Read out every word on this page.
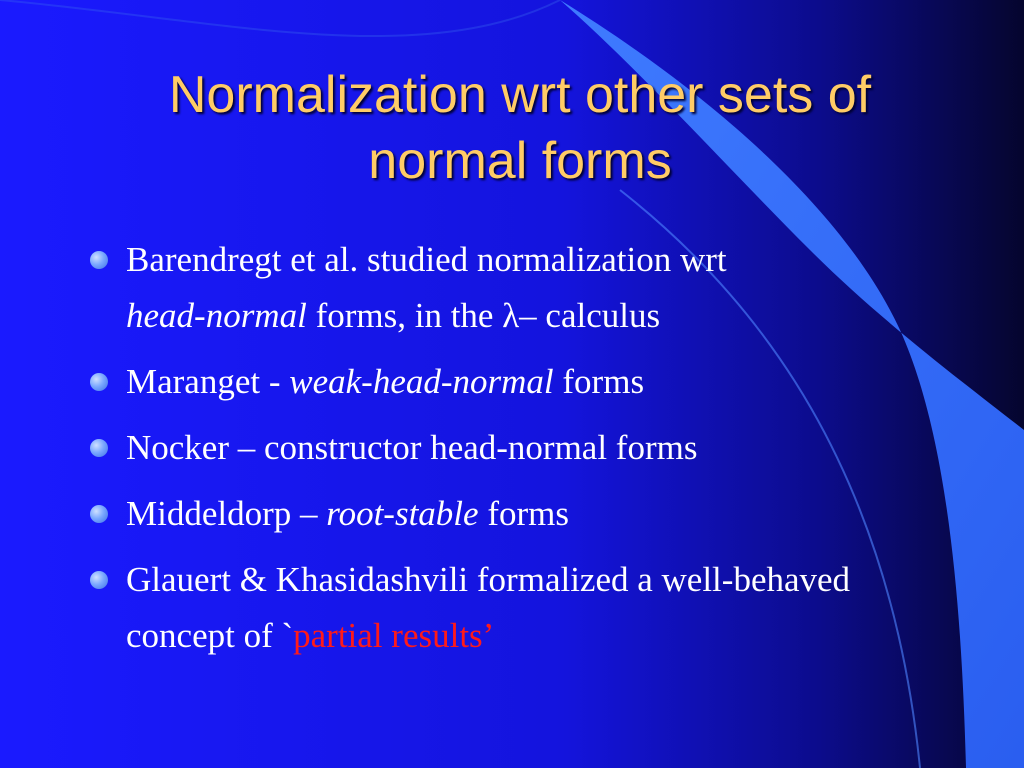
Normalization wrt other sets of
normal forms
Barendregt et al. studied normalization wrt
head-normal forms, in the λ– calculus
Maranget - weak-head-normal forms
Nocker – constructor head-normal forms
Middeldorp – root-stable forms
Glauert & Khasidashvili formalized a well-behaved concept of `partial results’
